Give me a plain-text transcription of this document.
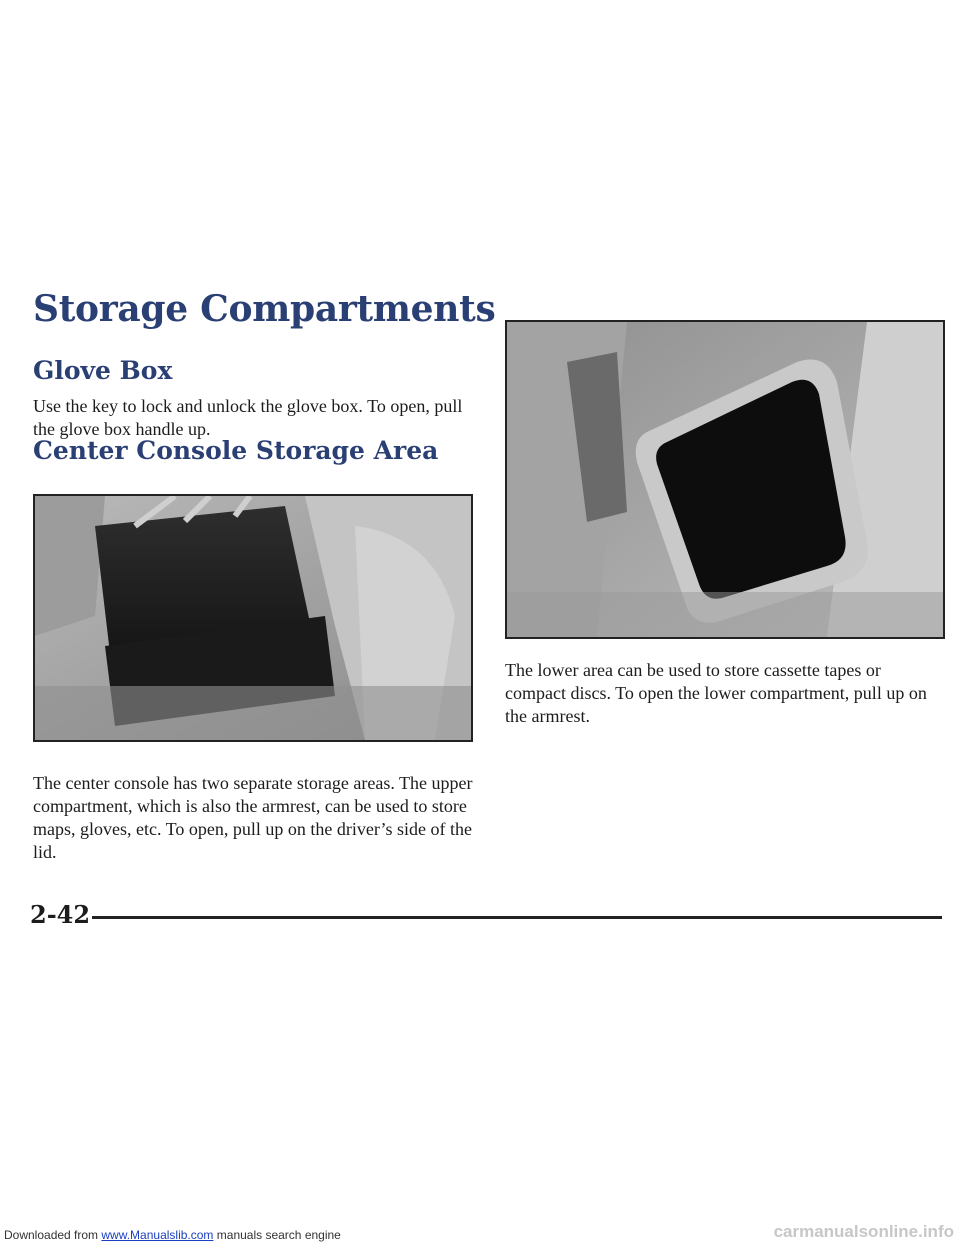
Storage Compartments
Glove Box

Use the key to lock and unlock the glove box. To open, pull the glove box handle up.

Center Console Storage Area

The center console has two separate storage areas. The upper compartment, which is also the armrest, can be used to store maps, gloves, etc. To open, pull up on the driver’s side of the lid.

The lower area can be used to store cassette tapes or compact discs. To open the lower compartment, pull up on the armrest.

2-42

Downloaded from www.Manualslib.com manuals search engine	carmanualsonline.info
